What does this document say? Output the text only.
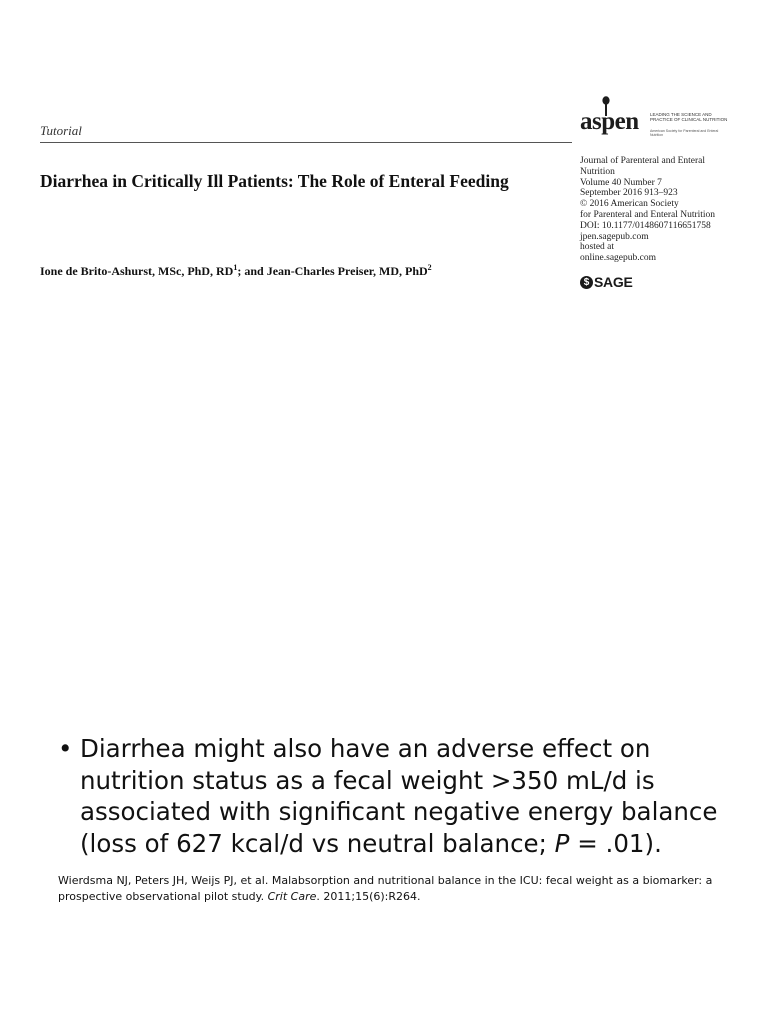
Tutorial
Diarrhea in Critically Ill Patients: The Role of Enteral Feeding
Ione de Brito-Ashurst, MSc, PhD, $RD^1$; and Jean-Charles Preiser, MD, PhD$^2$
aspen	LEADING THE SCIENCE AND PRACTICE OF CLINICAL NUTRITION
American Society for Parenteral and Enteral Nutrition
Journal of Parenteral and Enteral
Nutrition
Volume 40 Number 7
September 2016 913–923
© 2016 American Society
for Parenteral and Enteral Nutrition
DOI: 10.1177/0148607116651758
jpen.sagepub.com
hosted at
online.sagepub.com
$ SAGE
• Diarrhea might also have an adverse effect on nutrition status as a fecal weight >350 mL/d is associated with significant negative energy balance (loss of 627 kcal/d vs neutral balance; P = .01).
Wierdsma NJ, Peters JH, Weijs PJ, et al. Malabsorption and nutritional balance in the ICU: fecal weight as a biomarker: a prospective observational pilot study. Crit Care. 2011;15(6):R264.
